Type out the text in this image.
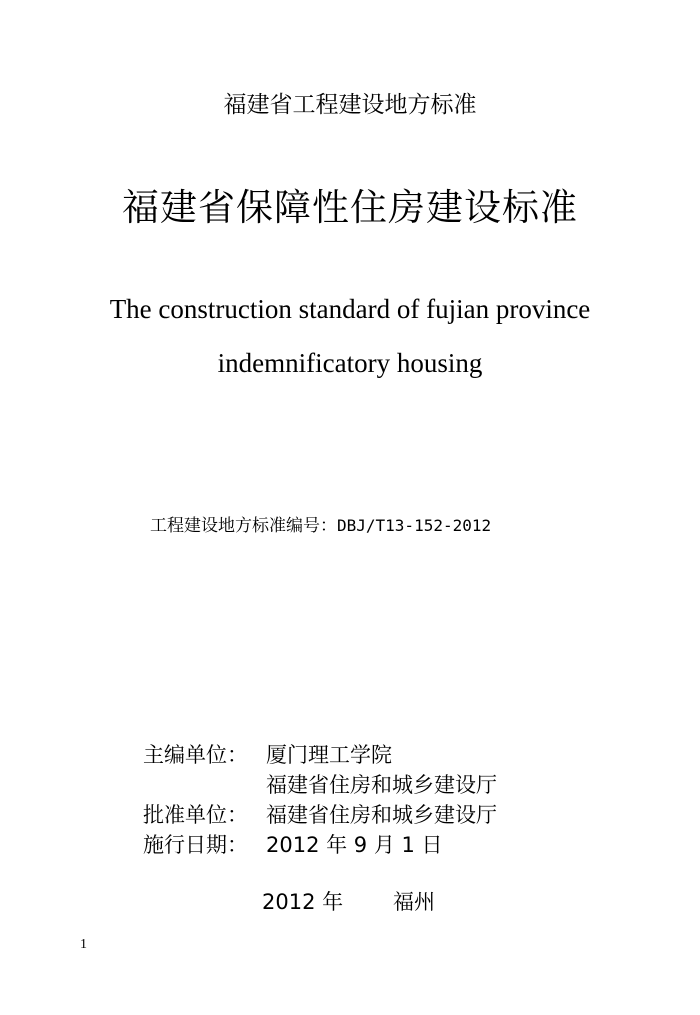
福建省工程建设地方标准
福建省保障性住房建设标准
The construction standard of fujian province
indemnificatory housing
工程建设地方标准编号：DBJ/T13-152-2012
主编单位： 厦门理工学院
福建省住房和城乡建设厅
批准单位： 福建省住房和城乡建设厅
施行日期： 2012 年 9 月 1 日
2012 年 福州
1
